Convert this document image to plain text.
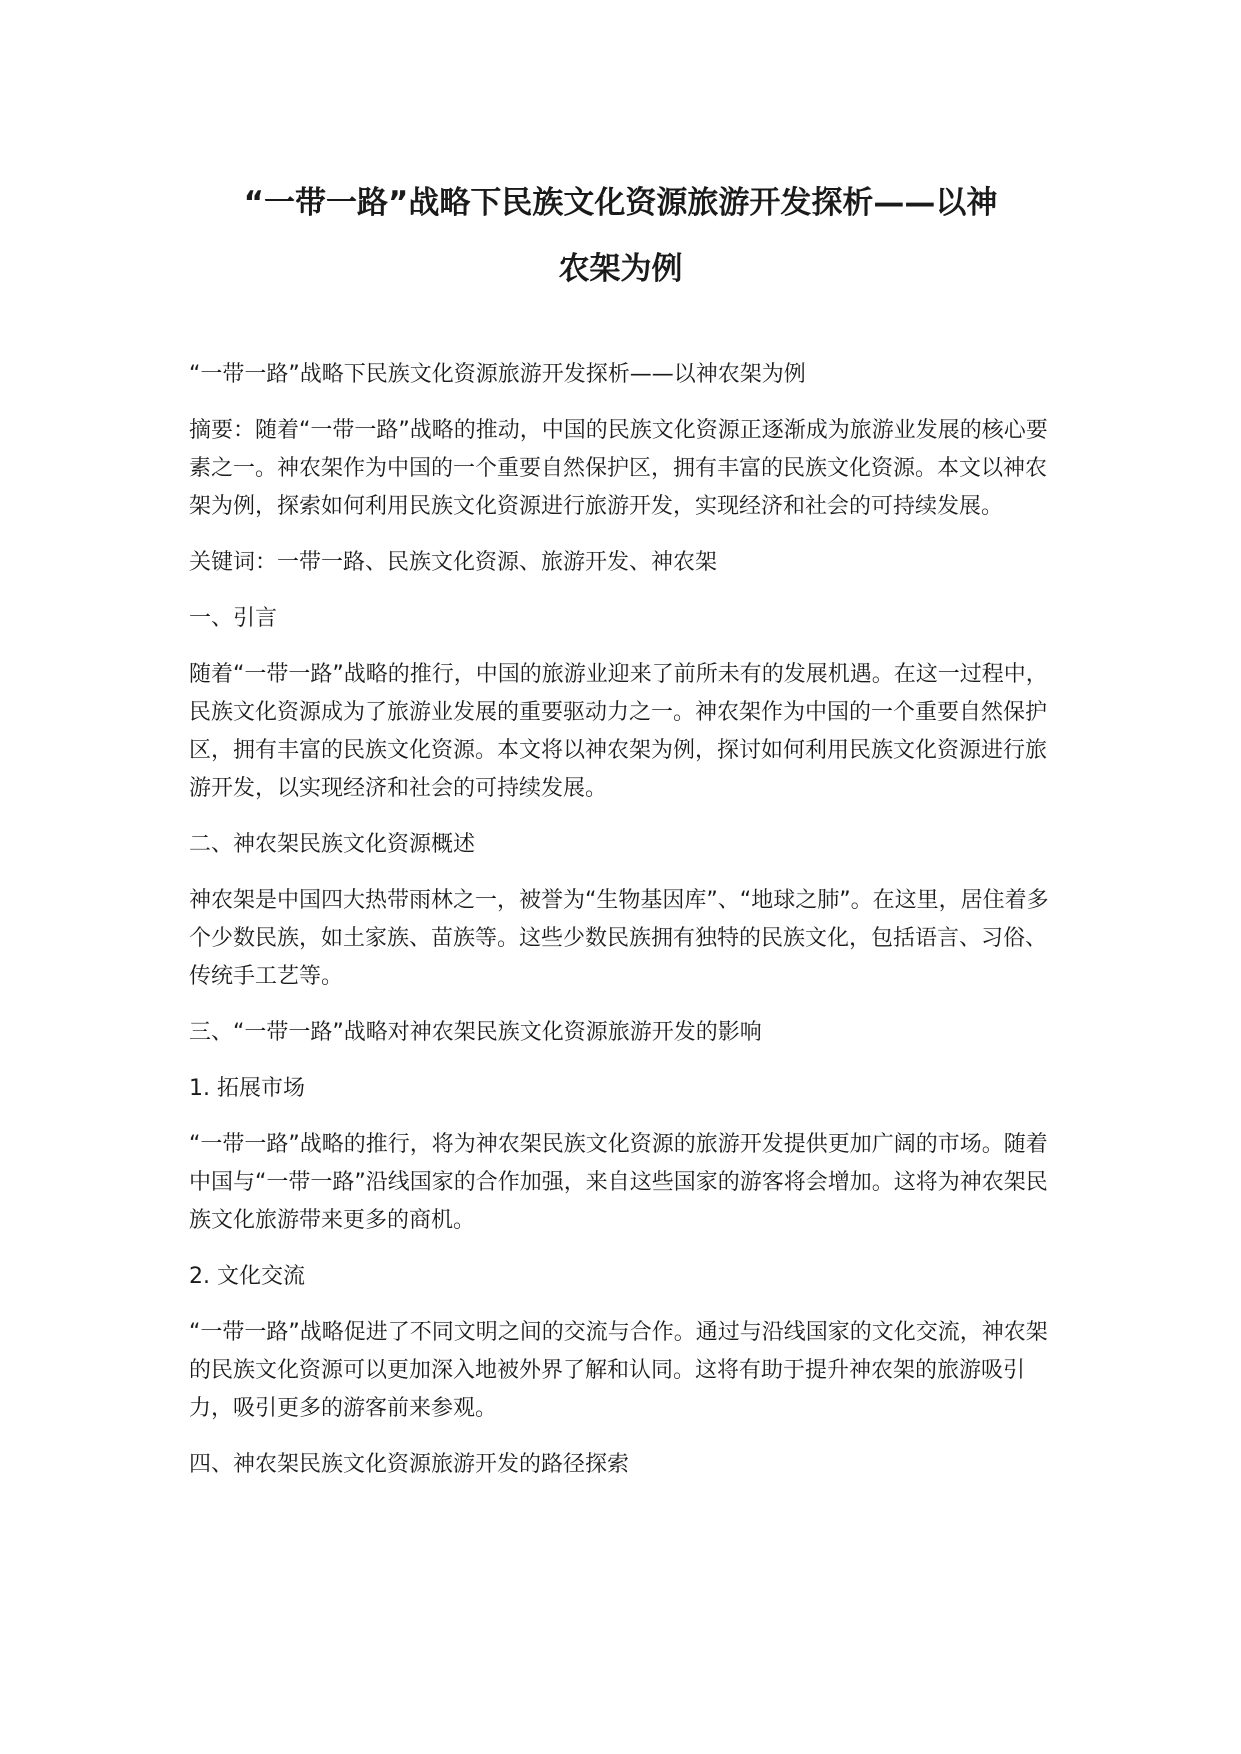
“一带一路”战略下民族文化资源旅游开发探析——以神
农架为例

“一带一路”战略下民族文化资源旅游开发探析——以神农架为例

摘要：随着“一带一路”战略的推动，中国的民族文化资源正逐渐成为旅游业发展的核心要素之一。神农架作为中国的一个重要自然保护区，拥有丰富的民族文化资源。本文以神农架为例，探索如何利用民族文化资源进行旅游开发，实现经济和社会的可持续发展。

关键词：一带一路、民族文化资源、旅游开发、神农架

一、引言

随着“一带一路”战略的推行，中国的旅游业迎来了前所未有的发展机遇。在这一过程中，民族文化资源成为了旅游业发展的重要驱动力之一。神农架作为中国的一个重要自然保护区，拥有丰富的民族文化资源。本文将以神农架为例，探讨如何利用民族文化资源进行旅游开发，以实现经济和社会的可持续发展。

二、神农架民族文化资源概述

神农架是中国四大热带雨林之一，被誉为“生物基因库”、“地球之肺”。在这里，居住着多个少数民族，如土家族、苗族等。这些少数民族拥有独特的民族文化，包括语言、习俗、传统手工艺等。

三、“一带一路”战略对神农架民族文化资源旅游开发的影响

1. 拓展市场

“一带一路”战略的推行，将为神农架民族文化资源的旅游开发提供更加广阔的市场。随着中国与“一带一路”沿线国家的合作加强，来自这些国家的游客将会增加。这将为神农架民族文化旅游带来更多的商机。

2. 文化交流

“一带一路”战略促进了不同文明之间的交流与合作。通过与沿线国家的文化交流，神农架的民族文化资源可以更加深入地被外界了解和认同。这将有助于提升神农架的旅游吸引力，吸引更多的游客前来参观。

四、神农架民族文化资源旅游开发的路径探索
